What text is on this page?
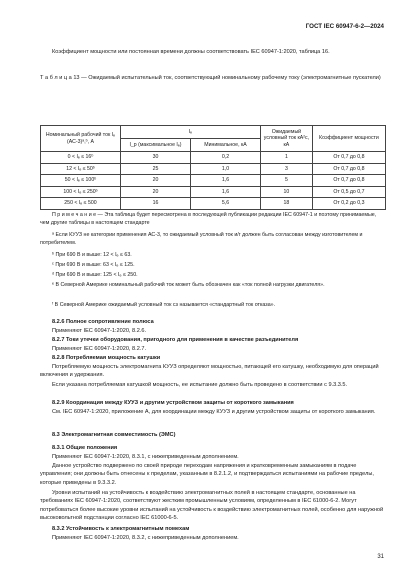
ГОСТ IEC 60947-6-2—2024

Коэффициент мощности или постоянная времени должны соответствовать IEC 60947-1:2020, таблица 16.

Т а б л и ц а 13 — Ожидаемый испытательный ток, соответствующий номинальному рабочему току (электромагнитные пускатели)

Номинальный рабочий ток Iₑ (AC-3)ᵃ,ᵇ, А	Iₑ		Ожидаемый условный ток кА²c, кА	Коэффициент мощности
	I_p (максимальное Iₑ)	Минимальное, кА		
0 < Iₑ ≤ 16ᵇ	30	0,2	1	От 0,7 до 0,8
12 < Iₑ ≤ 50ᵇ	25	1,0	3	От 0,7 до 0,8
50 < Iₑ ≤ 100ᵇ	20	1,6	5	От 0,7 до 0,8
100 < Iₑ ≤ 250ᵇ	20	1,6	10	От 0,5 до 0,7
250 < Iₑ ≤ 500	16	5,6	18	От 0,2 до 0,3

П р и м е ч а н и е — Эта таблица будет пересмотрена в последующей публикации редакции IEC 60947-1 и поэтому принимаемые, чем другие таблицы в настоящем стандарте

ᵃ Если КУУЗ не категории применения АС-3, то ожидаемый условный ток и/г должен быть согласован между изготовителем и потребителем.

ᵇ При 690 В и выше: 12 < Iₑ ≤ 63.

ᶜ При 690 В и выше: 63 < Iₑ ≤ 125.

ᵈ При 690 В и выше: 125 < Iₑ ≤ 250.

ᵉ В Северной Америке номинальный рабочий ток может быть обозначен как «ток полной нагрузки двигателя».

ᶠ В Северной Америке ожидаемый условный ток сз называется «стандартный ток отказа».

8.2.6 Полное сопротивление полюса

Применяют IEC 60947-1:2020, 8.2.6.

8.2.7 Токи утечки оборудования, пригодного для применения в качестве разъединителя

Применяют IEC 60947-1:2020, 8.2.7.

8.2.8 Потребляемая мощность катушки

Потребляемую мощность электромагнита КУУЗ определяют мощностью, питающей его катушку, необходимую для операций включения и удержания.

Если указана потребляемая катушкой мощность, ее испытание должно быть проведено в соответствии с 9.3.3.5.

8.2.9 Координация между КУУЗ и другим устройством защиты от короткого замыкания

См. IEC 60947-1:2020, приложение А, для координации между КУУЗ и другим устройством защиты от короткого замыкания.

8.3 Электромагнитная совместимость (ЭМС)

8.3.1 Общие положения

Применяют IEC 60947-1:2020, 8.3.1, с нижеприведенным дополнением.

Данное устройство подвержено по своей природе переходам напряжения и кратковременным замыканиям в подаче управления; они должны быть отнесены к пределам, указанным в 8.2.1.2, и подтверждаться испытаниями на рабочие пределы, которые приведены в 9.3.3.2.

Уровни испытаний на устойчивость к воздействию электромагнитных полей в настоящем стандарте, основанные на требованиях IEC 60947-1:2020, соответствуют жестким промышленным условиям, определенным в IEC 61000-6-2. Могут потребоваться более высокие уровни испытаний на устойчивость к воздействию электромагнитных полей, особенно для наружной высоковольтной подстанции согласно IEC 61000-6-5.

8.3.2 Устойчивость к электромагнитным помехам

Применяют IEC 60947-1:2020, 8.3.2, с нижеприведенным дополнением.

31
